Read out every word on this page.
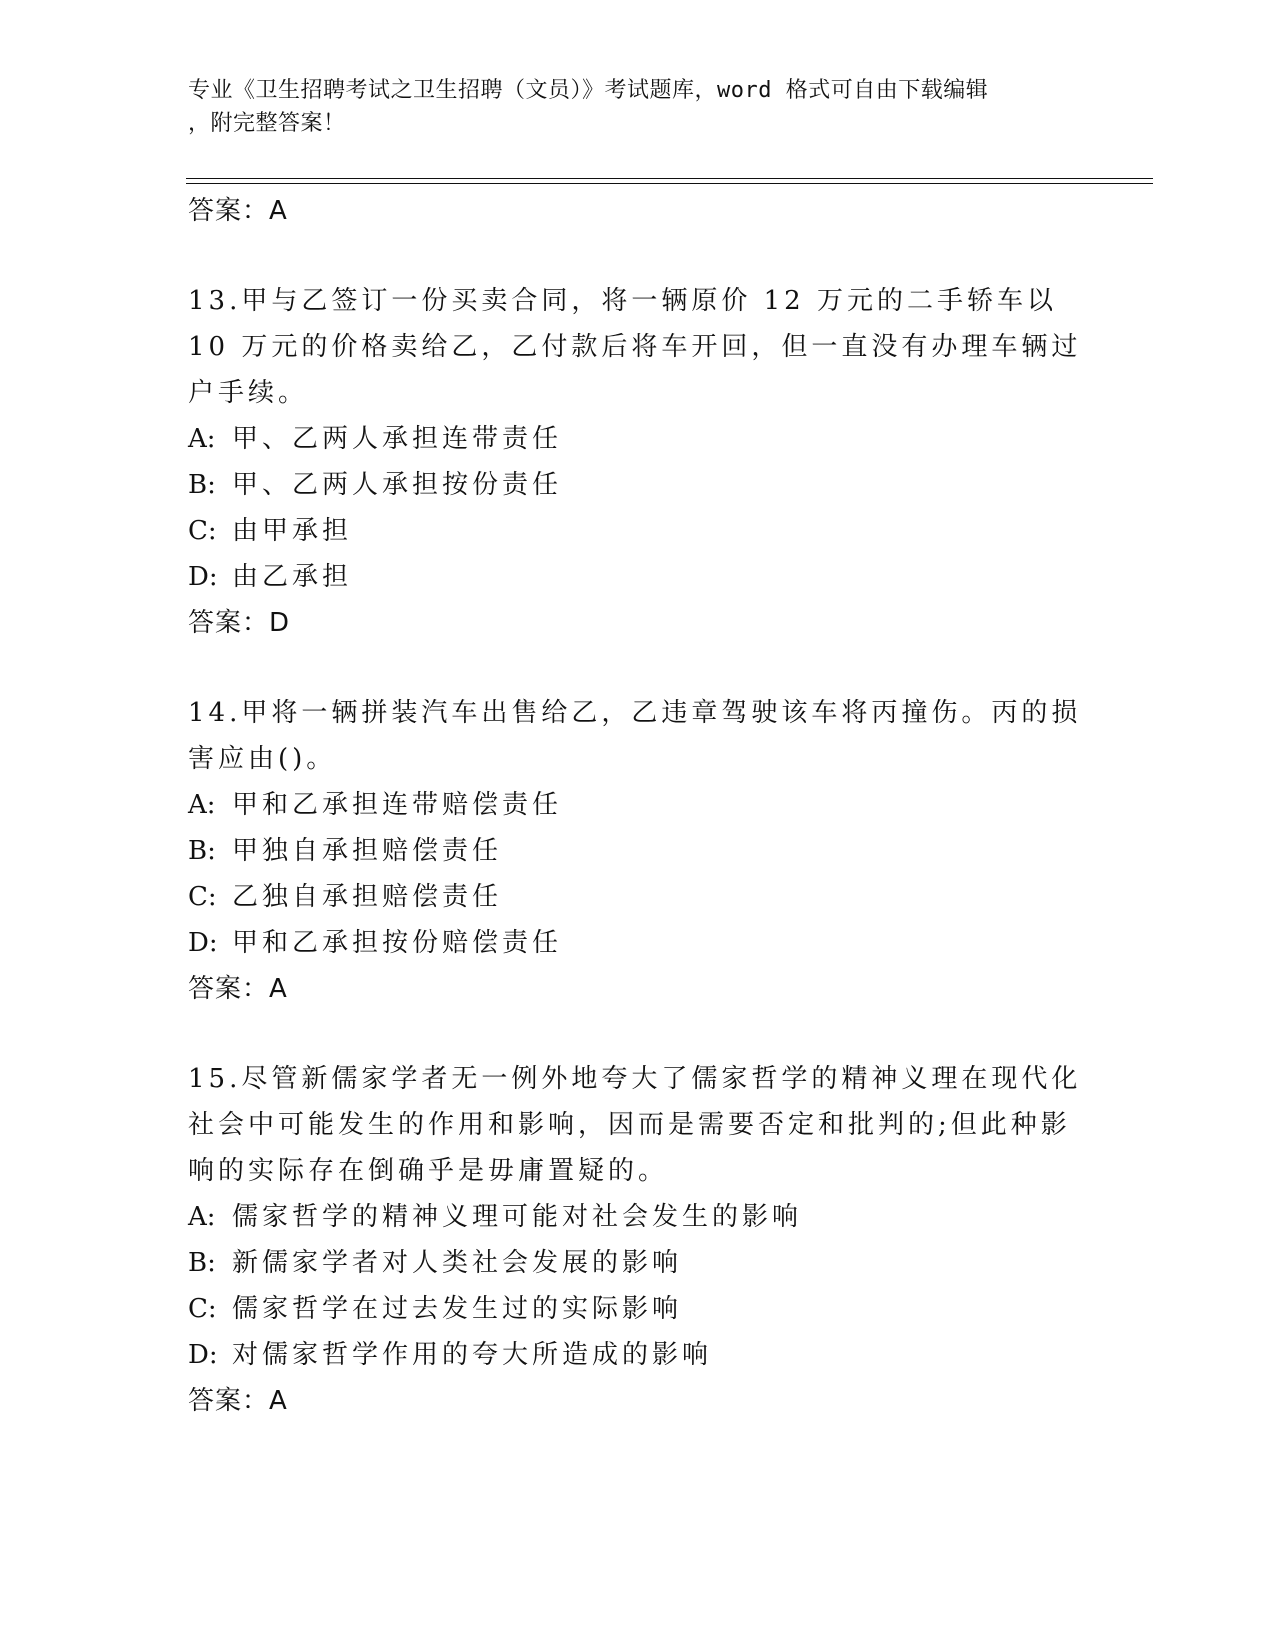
专业《卫生招聘考试之卫生招聘（文员）》考试题库，word 格式可自由下载编辑
，附完整答案！

答案：A

13.甲与乙签订一份买卖合同，将一辆原价 12 万元的二手轿车以 10 万元的价格卖给乙，乙付款后将车开回，但一直没有办理车辆过户手续。

A: 甲、乙两人承担连带责任

B: 甲、乙两人承担按份责任

C: 由甲承担

D: 由乙承担

答案：D

14.甲将一辆拼装汽车出售给乙，乙违章驾驶该车将丙撞伤。丙的损害应由()。

A: 甲和乙承担连带赔偿责任

B: 甲独自承担赔偿责任

C: 乙独自承担赔偿责任

D: 甲和乙承担按份赔偿责任

答案：A

15.尽管新儒家学者无一例外地夸大了儒家哲学的精神义理在现代化社会中可能发生的作用和影响，因而是需要否定和批判的;但此种影响的实际存在倒确乎是毋庸置疑的。

A: 儒家哲学的精神义理可能对社会发生的影响

B: 新儒家学者对人类社会发展的影响

C: 儒家哲学在过去发生过的实际影响

D: 对儒家哲学作用的夸大所造成的影响

答案：A
